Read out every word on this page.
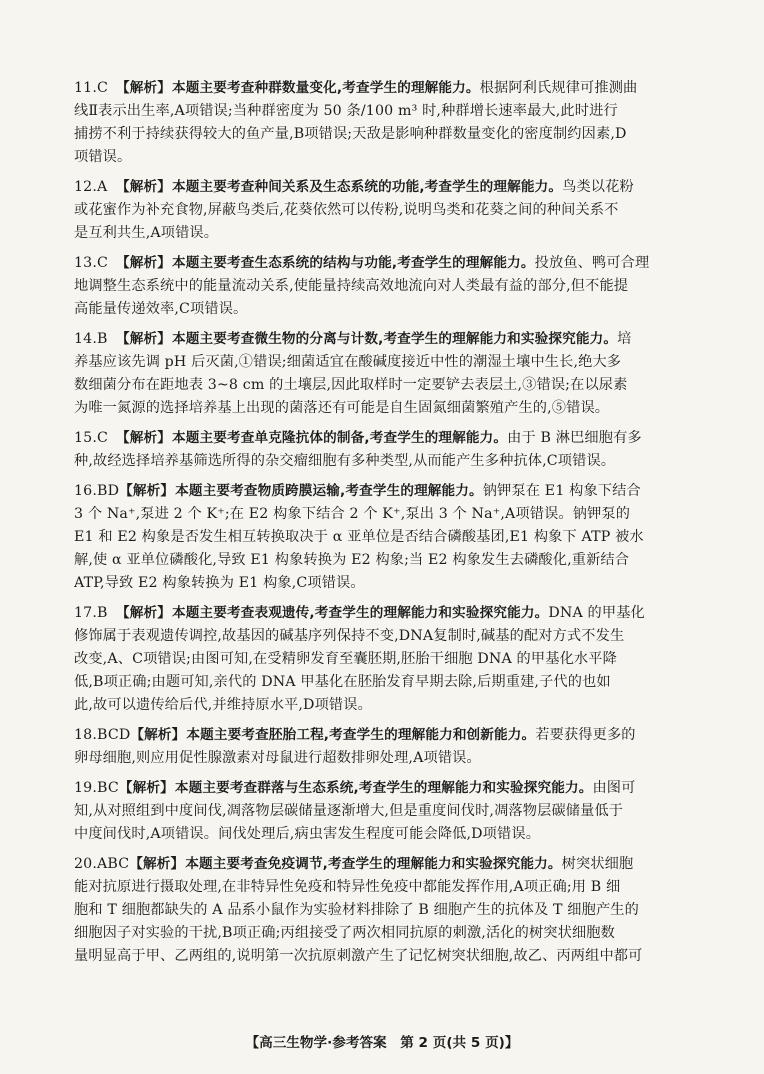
11.C 【解析】本题主要考查种群数量变化,考查学生的理解能力。根据阿利氏规律可推测曲
线Ⅱ表示出生率,A项错误;当种群密度为 50 条/100 m³ 时,种群增长速率最大,此时进行
捕捞不利于持续获得较大的鱼产量,B项错误;天敌是影响种群数量变化的密度制约因素,D
项错误。
12.A 【解析】本题主要考查种间关系及生态系统的功能,考查学生的理解能力。鸟类以花粉
或花蜜作为补充食物,屏蔽鸟类后,花葵依然可以传粉,说明鸟类和花葵之间的种间关系不
是互利共生,A项错误。
13.C 【解析】本题主要考查生态系统的结构与功能,考查学生的理解能力。投放鱼、鸭可合理
地调整生态系统中的能量流动关系,使能量持续高效地流向对人类最有益的部分,但不能提
高能量传递效率,C项错误。
14.B 【解析】本题主要考查微生物的分离与计数,考查学生的理解能力和实验探究能力。培
养基应该先调 pH 后灭菌,①错误;细菌适宜在酸碱度接近中性的潮湿土壤中生长,绝大多
数细菌分布在距地表 3~8 cm 的土壤层,因此取样时一定要铲去表层土,③错误;在以尿素
为唯一氮源的选择培养基上出现的菌落还有可能是自生固氮细菌繁殖产生的,⑤错误。
15.C 【解析】本题主要考查单克隆抗体的制备,考查学生的理解能力。由于 B 淋巴细胞有多
种,故经选择培养基筛选所得的杂交瘤细胞有多种类型,从而能产生多种抗体,C项错误。
16.BD【解析】本题主要考查物质跨膜运输,考查学生的理解能力。钠钾泵在 E1 构象下结合
3 个 Na⁺,泵进 2 个 K⁺;在 E2 构象下结合 2 个 K⁺,泵出 3 个 Na⁺,A项错误。钠钾泵的
E1 和 E2 构象是否发生相互转换取决于 α 亚单位是否结合磷酸基团,E1 构象下 ATP 被水
解,使 α 亚单位磷酸化,导致 E1 构象转换为 E2 构象;当 E2 构象发生去磷酸化,重新结合
ATP,导致 E2 构象转换为 E1 构象,C项错误。
17.B 【解析】本题主要考查表观遗传,考查学生的理解能力和实验探究能力。DNA 的甲基化
修饰属于表观遗传调控,故基因的碱基序列保持不变,DNA复制时,碱基的配对方式不发生
改变,A、C项错误;由图可知,在受精卵发育至囊胚期,胚胎干细胞 DNA 的甲基化水平降
低,B项正确;由题可知,亲代的 DNA 甲基化在胚胎发育早期去除,后期重建,子代的也如
此,故可以遗传给后代,并维持原水平,D项错误。
18.BCD【解析】本题主要考查胚胎工程,考查学生的理解能力和创新能力。若要获得更多的
卵母细胞,则应用促性腺激素对母鼠进行超数排卵处理,A项错误。
19.BC【解析】本题主要考查群落与生态系统,考查学生的理解能力和实验探究能力。由图可
知,从对照组到中度间伐,凋落物层碳储量逐渐增大,但是重度间伐时,凋落物层碳储量低于
中度间伐时,A项错误。间伐处理后,病虫害发生程度可能会降低,D项错误。
20.ABC【解析】本题主要考查免疫调节,考查学生的理解能力和实验探究能力。树突状细胞
能对抗原进行摄取处理,在非特异性免疫和特异性免疫中都能发挥作用,A项正确;用 B 细
胞和 T 细胞都缺失的 A 品系小鼠作为实验材料排除了 B 细胞产生的抗体及 T 细胞产生的
细胞因子对实验的干扰,B项正确;丙组接受了两次相同抗原的刺激,活化的树突状细胞数
量明显高于甲、乙两组的,说明第一次抗原刺激产生了记忆树突状细胞,故乙、丙两组中都可
【高三生物学·参考答案　第 2 页(共 5 页)】
